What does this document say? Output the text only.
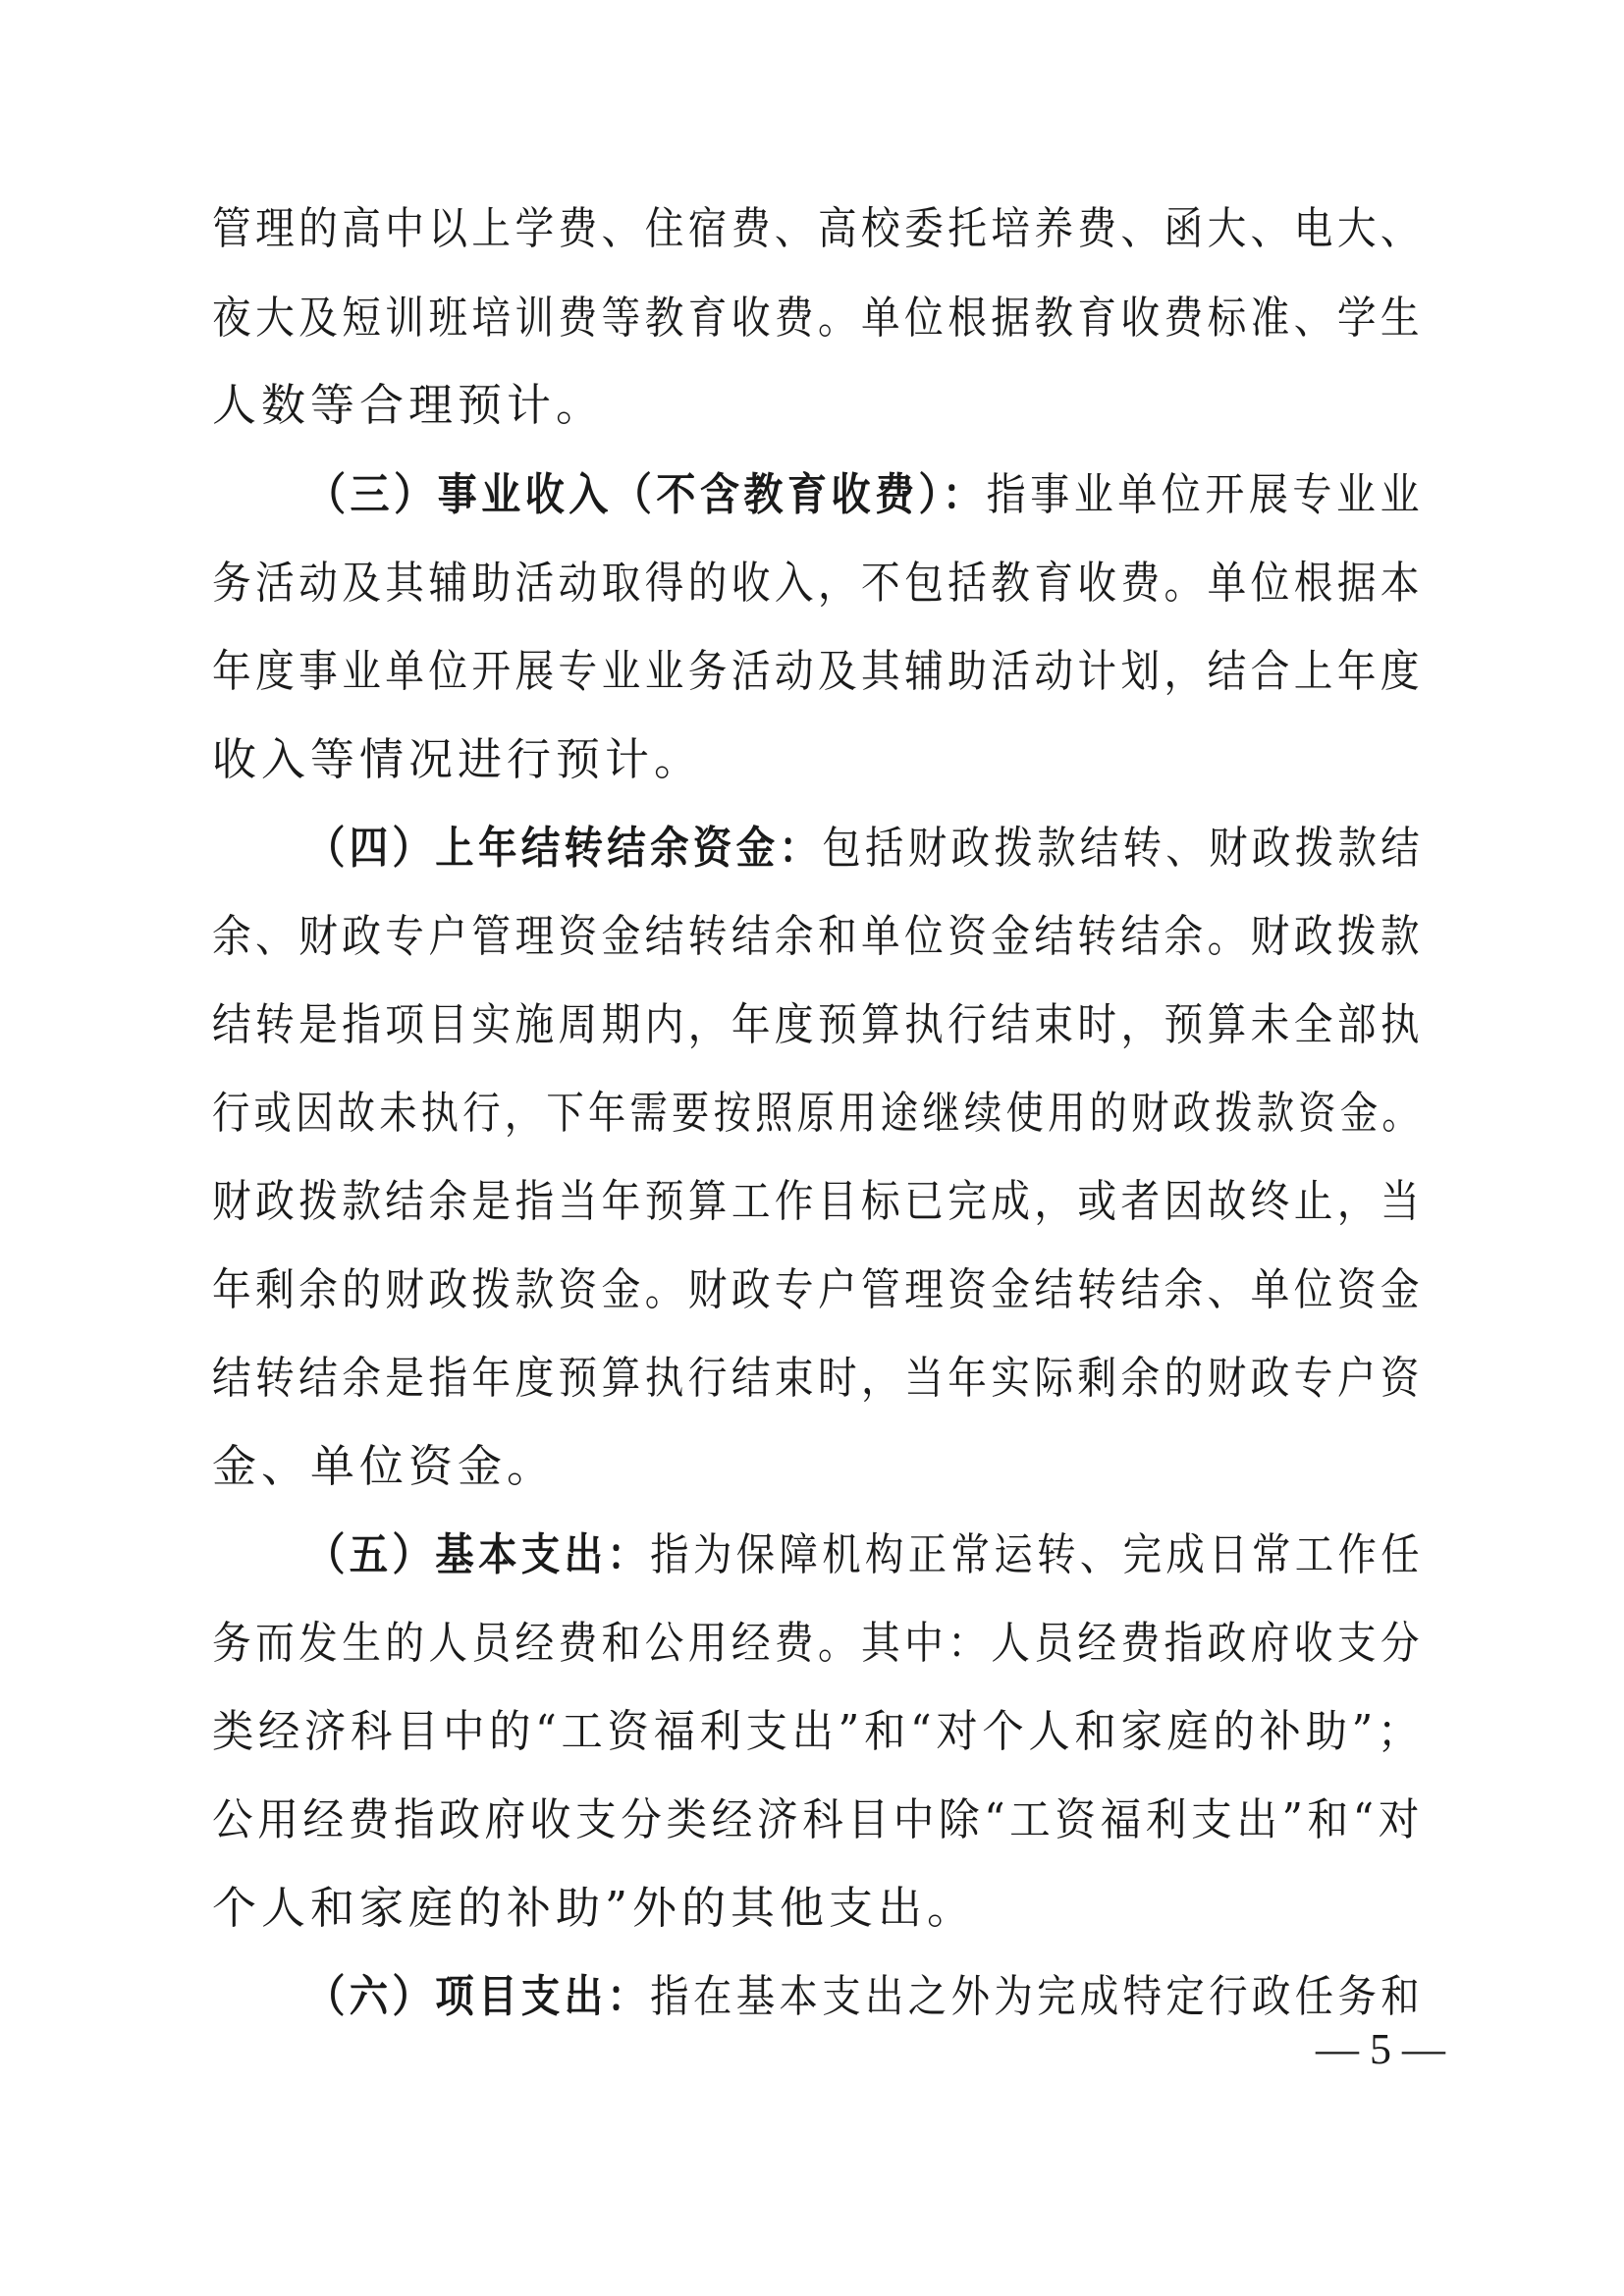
管理的高中以上学费、住宿费、高校委托培养费、函大、电大、
夜大及短训班培训费等教育收费。单位根据教育收费标准、学生
人数等合理预计。
（三）事业收入（不含教育收费）：指事业单位开展专业业
务活动及其辅助活动取得的收入，不包括教育收费。单位根据本
年度事业单位开展专业业务活动及其辅助活动计划，结合上年度
收入等情况进行预计。
（四）上年结转结余资金：包括财政拨款结转、财政拨款结
余、财政专户管理资金结转结余和单位资金结转结余。财政拨款
结转是指项目实施周期内，年度预算执行结束时，预算未全部执
行或因故未执行，下年需要按照原用途继续使用的财政拨款资金。
财政拨款结余是指当年预算工作目标已完成，或者因故终止，当
年剩余的财政拨款资金。财政专户管理资金结转结余、单位资金
结转结余是指年度预算执行结束时，当年实际剩余的财政专户资
金、单位资金。
（五）基本支出：指为保障机构正常运转、完成日常工作任
务而发生的人员经费和公用经费。其中：人员经费指政府收支分
类经济科目中的“工资福利支出”和“对个人和家庭的补助”；
公用经费指政府收支分类经济科目中除“工资福利支出”和“对
个人和家庭的补助”外的其他支出。
（六）项目支出：指在基本支出之外为完成特定行政任务和
— 5 —
